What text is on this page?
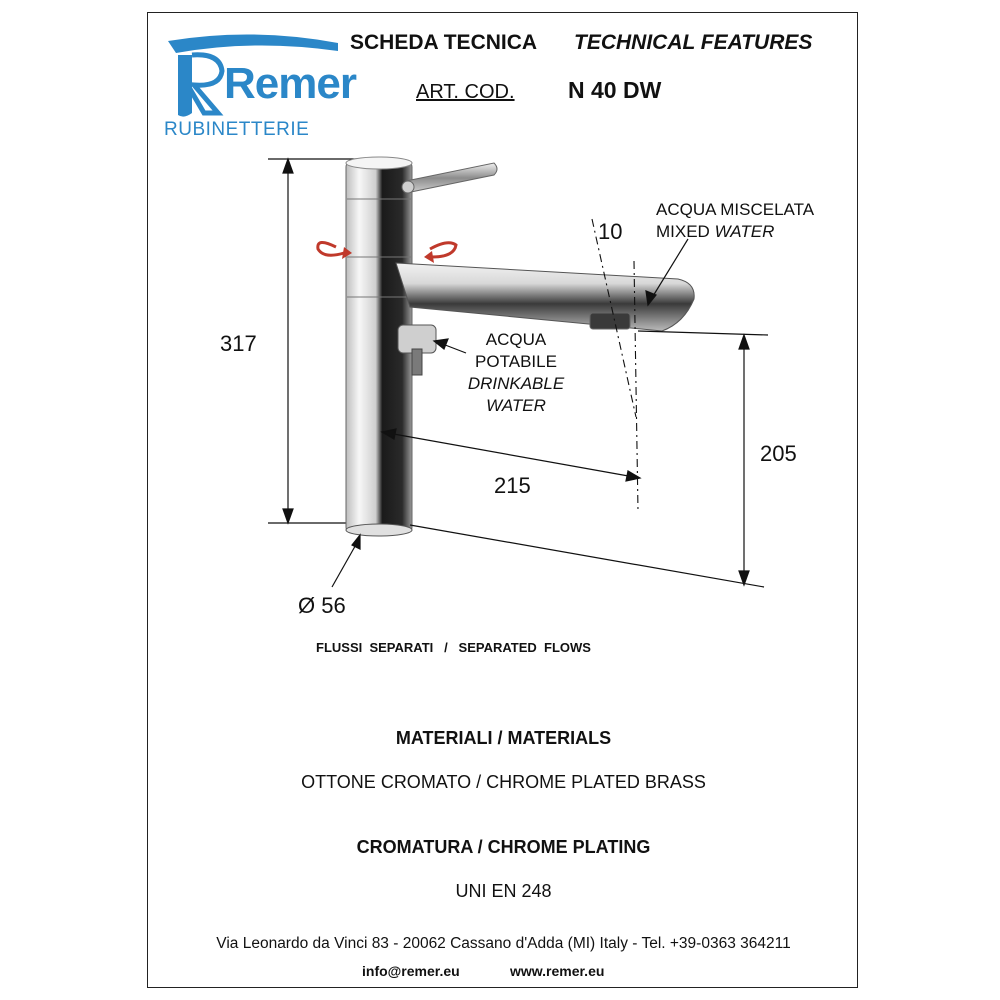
Remer
RUBINETTERIE
SCHEDA TECNICA TECHNICAL FEATURES
ART. COD. N 40 DW
317
10
205
215
Ø 56
ACQUA MISCELATA
MIXED WATER
ACQUA
POTABILE
DRINKABLE
WATER
FLUSSI  SEPARATI   /   SEPARATED  FLOWS
MATERIALI / MATERIALS
OTTONE CROMATO / CHROME PLATED BRASS
CROMATURA / CHROME PLATING
UNI EN 248
Via Leonardo da Vinci 83 - 20062 Cassano d'Adda (MI) Italy - Tel. +39-0363 364211
info@remer.eu	www.remer.eu
